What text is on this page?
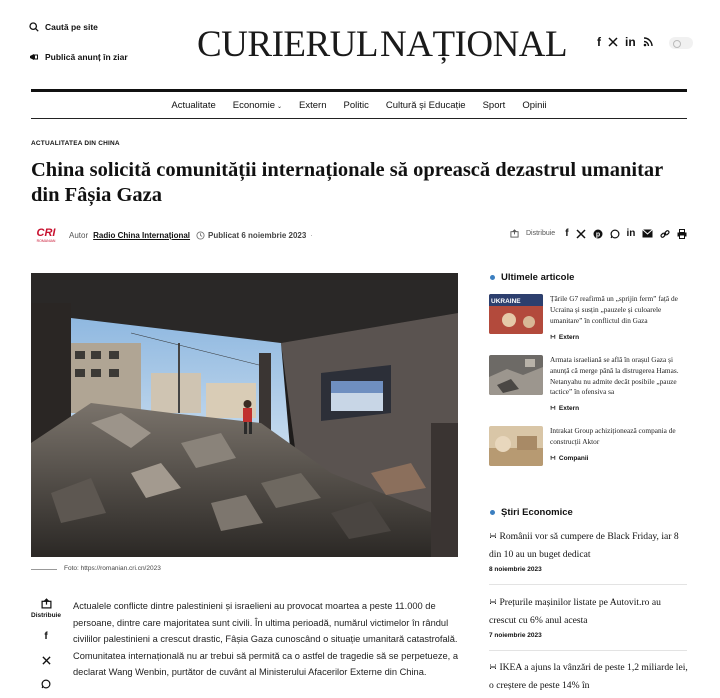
Caută pe site
Publică anunț în ziar CURIERUL NAȚIONAL f in
Actualitate Economie ⌄ Extern Politic Cultură și Educație Sport Opinii
ACTUALITATEA DIN CHINA
China solicită comunității internaționale să oprească dezastrul umanitar din Fâșia Gaza
CRI
ROMANIAN
Autor Radio China Internațional Publicat 6 noiembrie 2023 ·	Distribuie f	p	in
Foto: https://romanian.cri.cn/2023
Distribuie
f

Actualele conflicte dintre palestinieni și israelieni au provocat moartea a peste 11.000 de persoane, dintre care majoritatea sunt civili. În ultima perioadă, numărul victimelor în rândul civililor palestinieni a crescut drastic, Fâșia Gaza cunoscând o situație umanitară catastrofală. Comunitatea internațională nu ar trebui să permită ca o astfel de tragedie să se perpetueze, a declarat Wang Wenbin, purtător de cuvânt al Ministerului Afacerilor Externe din China.

Ultimele articole
UKRAINE	Țările G7 reafirmă un „sprijin ferm” față de Ucraina și susțin „pauzele și culoarele umanitare” în conflictul din Gaza
∺ Extern
Armata israeliană se află în orașul Gaza și anunță că merge până la distrugerea Hamas. Netanyahu nu admite decât posibile „pauze tactice” în ofensiva sa
∺ Extern
Intrakat Group achiziționează compania de construcții Aktor
∺ Companii
Știri Economice
∺ Românii vor să cumpere de Black Friday, iar 8 din 10 au un buget dedicat
8 noiembrie 2023
∺ Prețurile mașinilor listate pe Autovit.ro au crescut cu 6% anul acesta
7 noiembrie 2023
∺ IKEA a ajuns la vânzări de peste 1,2 miliarde lei, o creștere de peste 14% în
